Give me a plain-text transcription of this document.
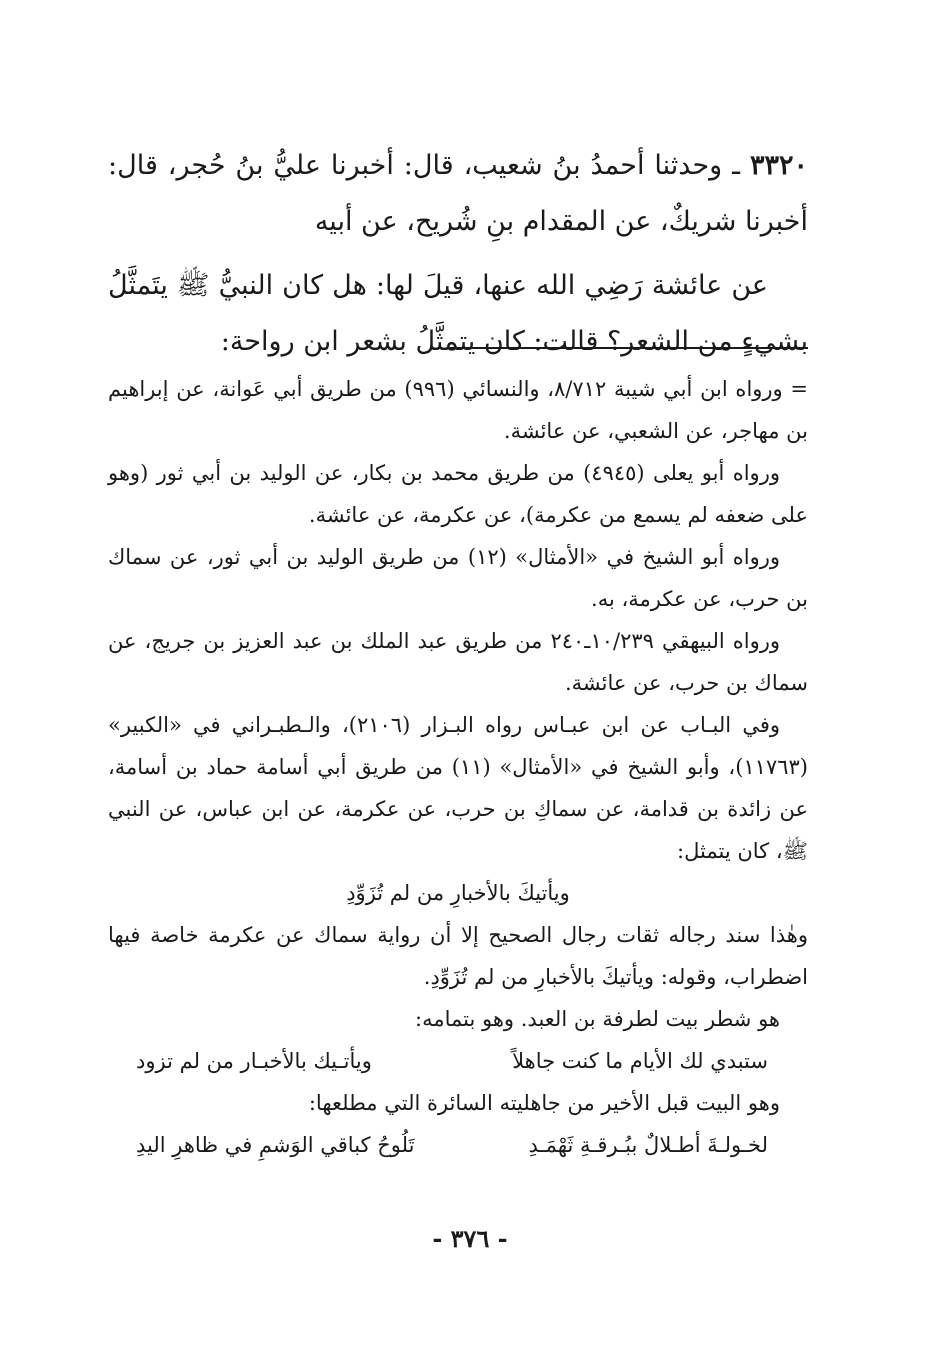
٣٣٢٠ ـ وحدثنا أحمدُ بنُ شعيب، قال: أخبرنا عليُّ بنُ حُجر، قال: أخبرنا شريكٌ، عن المقدام بنِ شُريح، عن أبيه

عن عائشة رَضِي الله عنها، قيلَ لها: هل كان النبيُّ ﷺ يتَمثَّلُ بشيءٍ من الشعر؟ قالت: كان يتمثَّلُ بشعر ابن رواحة:

= ورواه ابن أبي شيبة ٨/٧١٢، والنسائي (٩٩٦) من طريق أبي عَوانة، عن إبراهيم بن مهاجر، عن الشعبي، عن عائشة.

ورواه أبو يعلى (٤٩٤٥) من طريق محمد بن بكار، عن الوليد بن أبي ثور (وهو على ضعفه لم يسمع من عكرمة)، عن عكرمة، عن عائشة.

ورواه أبو الشيخ في «الأمثال» (١٢) من طريق الوليد بن أبي ثور، عن سماك بن حرب، عن عكرمة، به.

ورواه البيهقي ١٠/٢٣٩ـ٢٤٠ من طريق عبد الملك بن عبد العزيز بن جريج، عن سماك بن حرب، عن عائشة.

وفي البـاب عن ابن عبـاس رواه البـزار (٢١٠٦)، والـطبـراني في «الكبير» (١١٧٦٣)، وأبو الشيخ في «الأمثال» (١١) من طريق أبي أسامة حماد بن أسامة، عن زائدة بن قدامة، عن سماكِ بن حرب، عن عكرمة، عن ابن عباس، عن النبي ﷺ، كان يتمثل:

ويأتيكَ بالأخبارِ من لم تُزَوِّدِ

وهٰذا سند رجاله ثقات رجال الصحيح إلا أن رواية سماك عن عكرمة خاصة فيها اضطراب، وقوله: ويأتيكَ بالأخبارِ من لم تُزَوِّدِ.

هو شطر بيت لطرفة بن العبد. وهو بتمامه:

ستبدي لك الأيام ما كنت جاهلاً
ويأتـيك بالأخبـار من لم تزود

وهو البيت قبل الأخير من جاهليته السائرة التي مطلعها:

لخـولـةَ أطـلالٌ ببُـرقـةِ ثَهْمَـدِ
تَلُوحُ كباقي الوَشمِ في ظاهرِ اليدِ
- ٣٧٦ -
